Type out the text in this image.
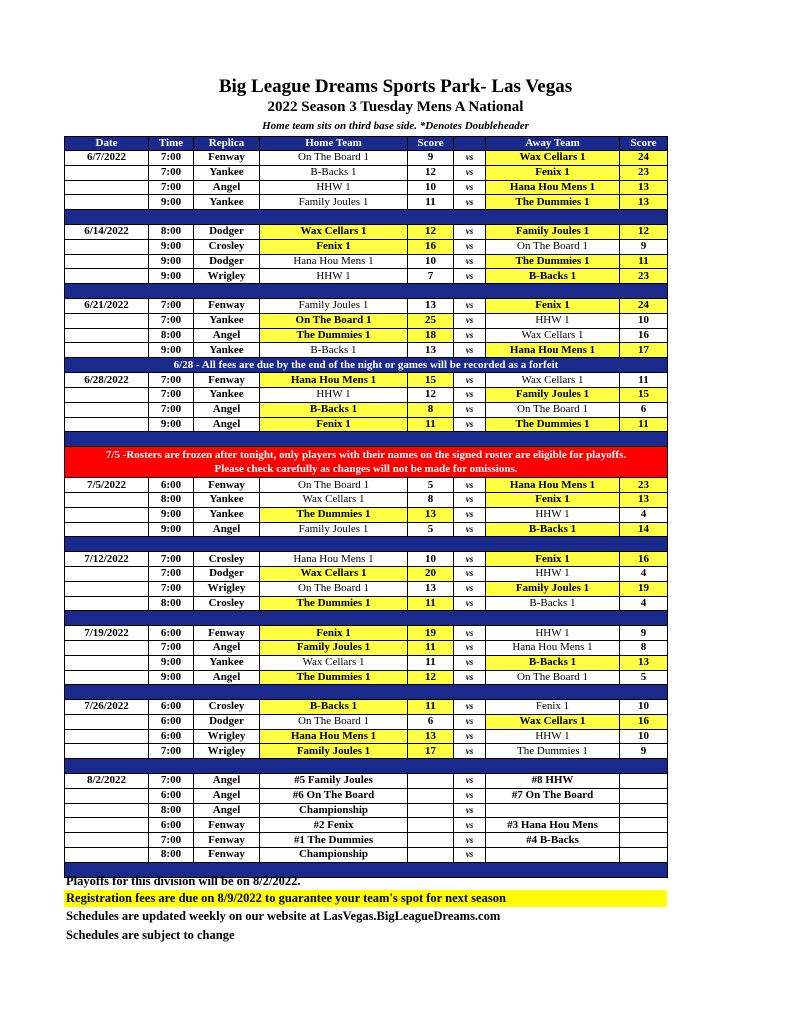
Big League Dreams Sports Park- Las Vegas
2022 Season 3 Tuesday Mens A National
Home team sits on third base side. *Denotes Doubleheader
Date	Time	Replica	Home Team	Score		Away Team	Score
6/7/2022	7:00	Fenway	On The Board 1	9	vs	Wax Cellars 1	24
	7:00	Yankee	B-Backs 1	12	vs	Fenix 1	23
	7:00	Angel	HHW 1	10	vs	Hana Hou Mens 1	13
	9:00	Yankee	Family Joules 1	11	vs	The Dummies 1	13

6/14/2022	8:00	Dodger	Wax Cellars 1	12	vs	Family Joules 1	12
	9:00	Crosley	Fenix 1	16	vs	On The Board 1	9
	9:00	Dodger	Hana Hou Mens 1	10	vs	The Dummies 1	11
	9:00	Wrigley	HHW 1	7	vs	B-Backs 1	23

6/21/2022	7:00	Fenway	Family Joules 1	13	vs	Fenix 1	24
	7:00	Yankee	On The Board 1	25	vs	HHW 1	10
	8:00	Angel	The Dummies 1	18	vs	Wax Cellars 1	16
	9:00	Yankee	B-Backs 1	13	vs	Hana Hou Mens 1	17
6/28 - All fees are due by the end of the night or games will be recorded as a forfeit							
6/28/2022	7:00	Fenway	Hana Hou Mens 1	15	vs	Wax Cellars 1	11
	7:00	Yankee	HHW 1	12	vs	Family Joules 1	15
	7:00	Angel	B-Backs 1	8	vs	On The Board 1	6
	9:00	Angel	Fenix 1	11	vs	The Dummies 1	11

7/5 -Rosters are frozen after tonight, only players with their names on the signed roster are eligible for playoffs.
Please check carefully as changes will not be made for omissions.							

7/5/2022	6:00	Fenway	On The Board 1	5	vs	Hana Hou Mens 1	23
	8:00	Yankee	Wax Cellars 1	8	vs	Fenix 1	13
	9:00	Yankee	The Dummies 1	13	vs	HHW 1	4
	9:00	Angel	Family Joules 1	5	vs	B-Backs 1	14

7/12/2022	7:00	Crosley	Hana Hou Mens 1	10	vs	Fenix 1	16
	7:00	Dodger	Wax Cellars 1	20	vs	HHW 1	4
	7:00	Wrigley	On The Board 1	13	vs	Family Joules 1	19
	8:00	Crosley	The Dummies 1	11	vs	B-Backs 1	4

7/19/2022	6:00	Fenway	Fenix 1	19	vs	HHW 1	9
	7:00	Angel	Family Joules 1	11	vs	Hana Hou Mens 1	8
	9:00	Yankee	Wax Cellars 1	11	vs	B-Backs 1	13
	9:00	Angel	The Dummies 1	12	vs	On The Board 1	5

7/26/2022	6:00	Crosley	B-Backs 1	11	vs	Fenix 1	10
	6:00	Dodger	On The Board 1	6	vs	Wax Cellars 1	16
	6:00	Wrigley	Hana Hou Mens 1	13	vs	HHW 1	10
	7:00	Wrigley	Family Joules 1	17	vs	The Dummies 1	9

8/2/2022	7:00	Angel	#5 Family Joules		vs	#8 HHW	
	6:00	Angel	#6 On The Board		vs	#7 On The Board	
	8:00	Angel	Championship		vs		
	6:00	Fenway	#2 Fenix		vs	#3 Hana Hou Mens	
	7:00	Fenway	#1 The Dummies		vs	#4 B-Backs	
	8:00	Fenway	Championship		vs		

Playoffs for this division will be on 8/2/2022.
Registration fees are due on 8/9/2022 to guarantee your team's spot for next season
Schedules are updated weekly on our website at LasVegas.BigLeagueDreams.com
Schedules are subject to change
